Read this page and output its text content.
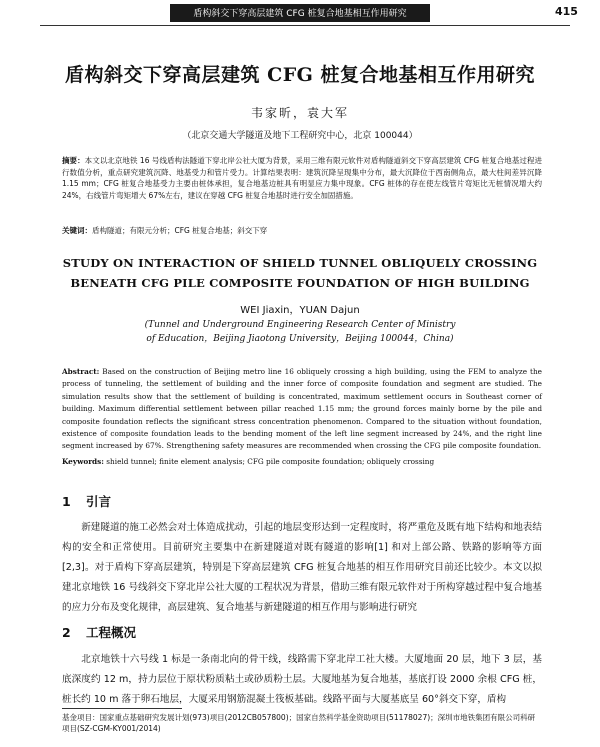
盾构斜交下穿高层建筑 CFG 桩复合地基相互作用研究	415
盾构斜交下穿高层建筑 CFG 桩复合地基相互作用研究
韦家昕，袁大军
（北京交通大学隧道及地下工程研究中心，北京 100044）
摘要：本文以北京地铁 16 号线盾构法隧道下穿北岸公社大厦为背景，采用三维有限元软件对盾构隧道斜交下穿高层建筑 CFG 桩复合地基过程进行数值分析，重点研究建筑沉降、地基受力和管片受力。计算结果表明：建筑沉降呈现集中分布，最大沉降位于西南侧角点，最大柱间差异沉降 1.15 mm；CFG 桩复合地基受力主要由桩体承担，复合地基边桩具有明显应力集中现象。CFG 桩体的存在使左线管片弯矩比无桩情况增大约 24%，右线管片弯矩增大 67%左右，建议在穿越 CFG 桩复合地基时进行安全加固措施。
关键词：盾构隧道；有限元分析；CFG 桩复合地基；斜交下穿
STUDY ON INTERACTION OF SHIELD TUNNEL OBLIQUELY CROSSING
BENEATH CFG PILE COMPOSITE FOUNDATION OF HIGH BUILDING
WEI Jiaxin，YUAN Dajun
(Tunnel and Underground Engineering Research Center of Ministry
of Education，Beijing Jiaotong University，Beijing 100044，China)
Abstract: Based on the construction of Beijing metro line 16 obliquely crossing a high building, using the FEM to analyze the process of tunneling, the settlement of building and the inner force of composite foundation and segment are studied. The simulation results show that the settlement of building is concentrated, maximum settlement occurs in Southeast corner of building. Maximum differential settlement between pillar reached 1.15 mm; the ground forces mainly borne by the pile and composite foundation reflects the significant stress concentration phenomenon. Compared to the situation without foundation, existence of composite foundation leads to the bending moment of the left line segment increased by 24%, and the right line segment increased by 67%. Strengthening safety measures are recommended when crossing the CFG pile composite foundation.
Keywords: shield tunnel; finite element analysis; CFG pile composite foundation; obliquely crossing
1 引言

新建隧道的施工必然会对土体造成扰动，引起的地层变形达到一定程度时，将严重危及既有地下结构和地表结构的安全和正常使用。目前研究主要集中在新建隧道对既有隧道的影响[1] 和对上部公路、铁路的影响等方面[2,3]。对于盾构下穿高层建筑，特别是下穿高层建筑 CFG 桩复合地基的相互作用研究目前还比较少。本文以拟建北京地铁 16 号线斜交下穿北岸公社大厦的工程状况为背景，借助三维有限元软件对于所构穿越过程中复合地基的应力分布及变化规律，高层建筑、复合地基与新建隧道的相互作用与影响进行研究

2 工程概况

北京地铁十六号线 1 标是一条南北向的骨干线，线路需下穿北岸工社大楼。大厦地面 20 层，地下 3 层，基底深度约 12 m，持力层位于原状粉质粘土或砂质粉土层。大厦地基为复合地基，基底打设 2000 余根 CFG 桩，桩长约 10 m 落于卵石地层，大厦采用钢筋混凝土筏板基础。线路平面与大厦基底呈 60°斜交下穿，盾构

基金项目：国家重点基础研究发展计划(973)项目(2012CB057800)；国家自然科学基金资助项目(51178027)；深圳市地铁集团有限公司科研项目(SZ-CGM-KY001/2014)
